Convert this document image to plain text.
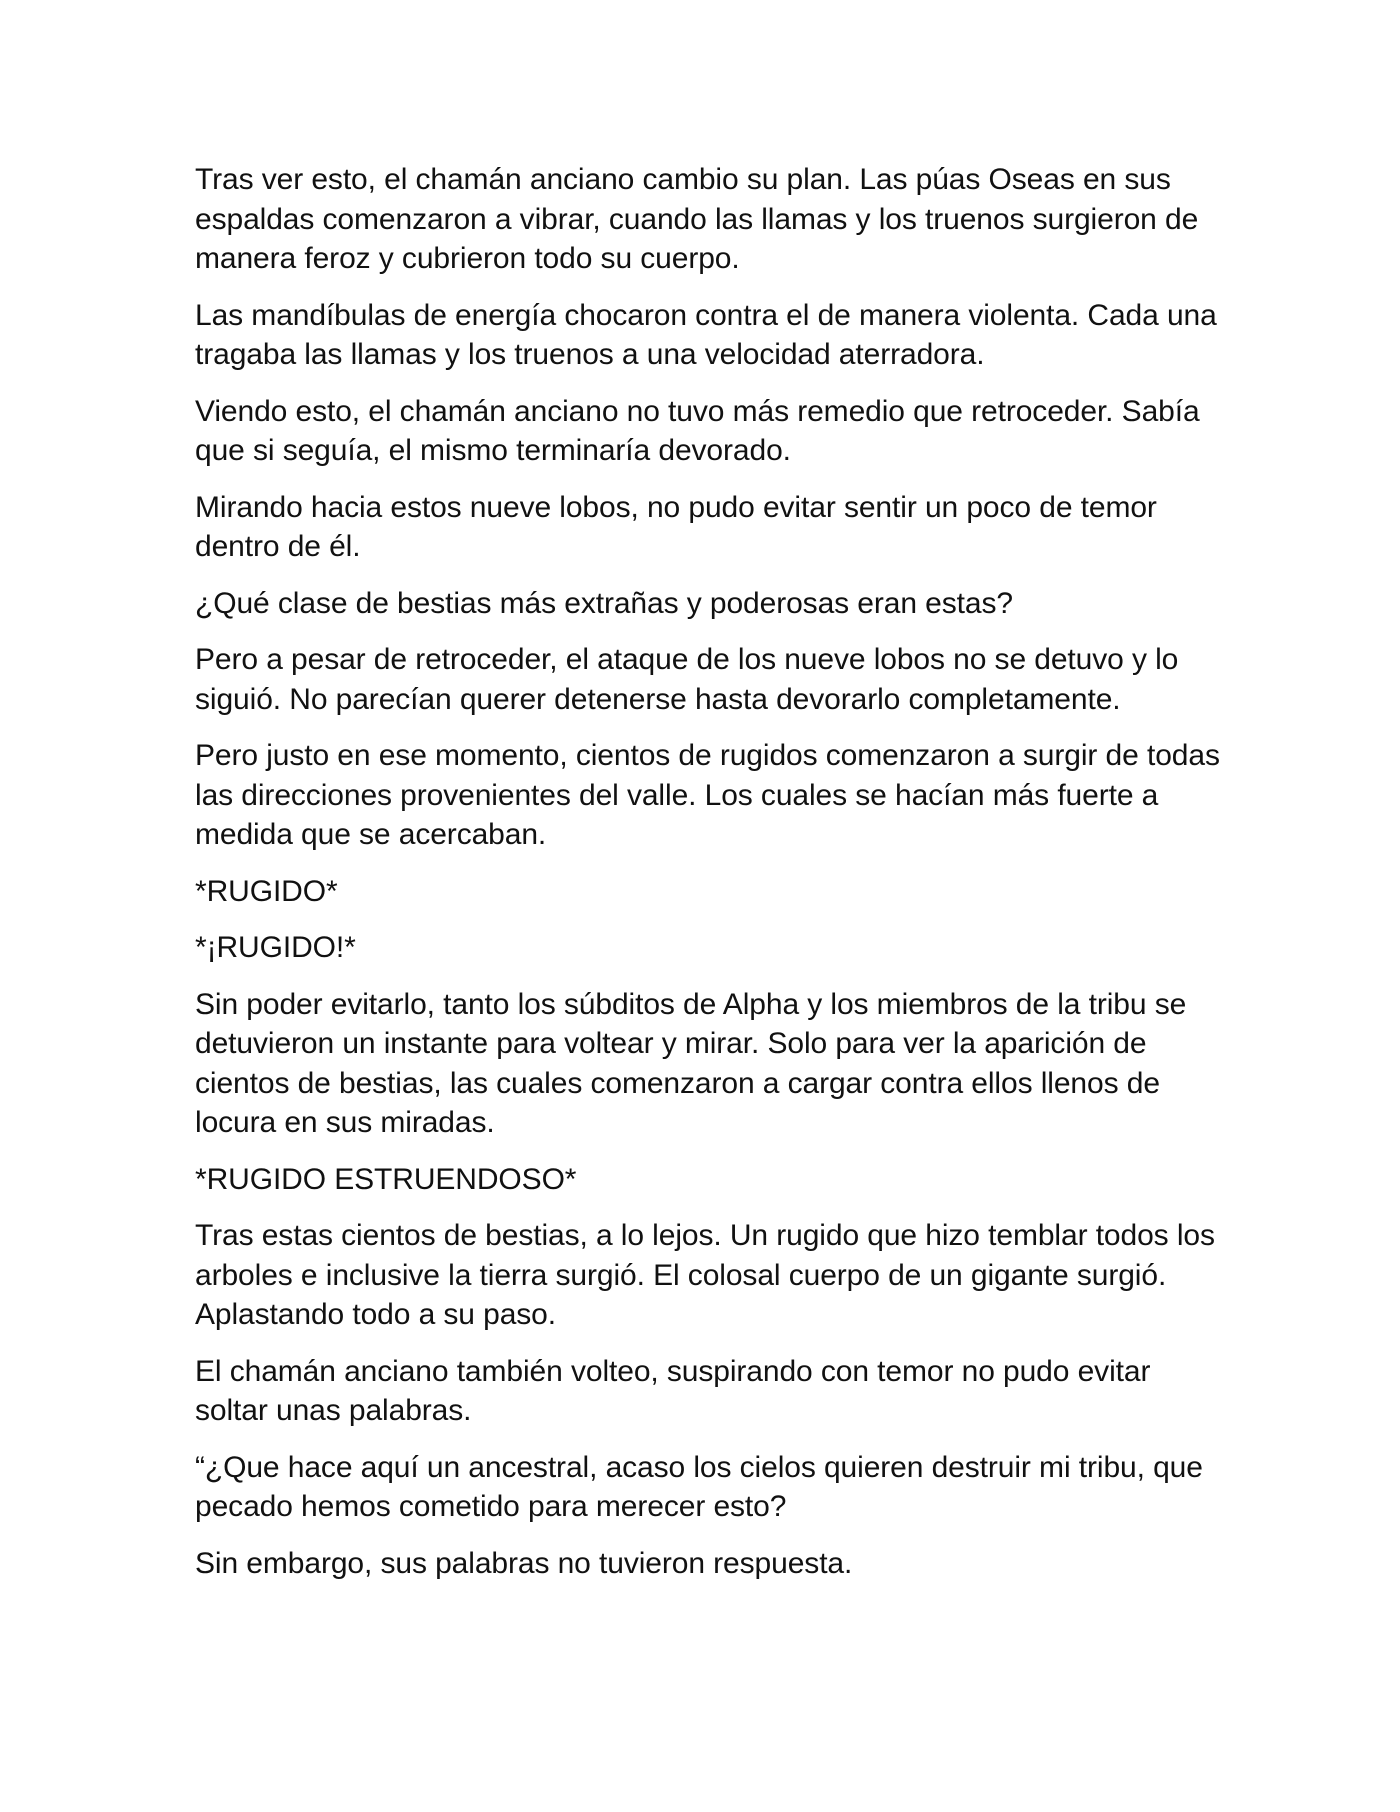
Tras ver esto, el chamán anciano cambio su plan. Las púas Oseas en sus espaldas comenzaron a vibrar, cuando las llamas y los truenos surgieron de manera feroz y cubrieron todo su cuerpo.

Las mandíbulas de energía chocaron contra el de manera violenta. Cada una tragaba las llamas y los truenos a una velocidad aterradora.

Viendo esto, el chamán anciano no tuvo más remedio que retroceder. Sabía que si seguía, el mismo terminaría devorado.

Mirando hacia estos nueve lobos, no pudo evitar sentir un poco de temor dentro de él.

¿Qué clase de bestias más extrañas y poderosas eran estas?

Pero a pesar de retroceder, el ataque de los nueve lobos no se detuvo y lo siguió. No parecían querer detenerse hasta devorarlo completamente.

Pero justo en ese momento, cientos de rugidos comenzaron a surgir de todas las direcciones provenientes del valle. Los cuales se hacían más fuerte a medida que se acercaban.

*RUGIDO*

*¡RUGIDO!*

Sin poder evitarlo, tanto los súbditos de Alpha y los miembros de la tribu se detuvieron un instante para voltear y mirar. Solo para ver la aparición de cientos de bestias, las cuales comenzaron a cargar contra ellos llenos de locura en sus miradas.

*RUGIDO ESTRUENDOSO*

Tras estas cientos de bestias, a lo lejos. Un rugido que hizo temblar todos los arboles e inclusive la tierra surgió. El colosal cuerpo de un gigante surgió. Aplastando todo a su paso.

El chamán anciano también volteo, suspirando con temor no pudo evitar soltar unas palabras.

“¿Que hace aquí un ancestral, acaso los cielos quieren destruir mi tribu, que pecado hemos cometido para merecer esto?

Sin embargo, sus palabras no tuvieron respuesta.
